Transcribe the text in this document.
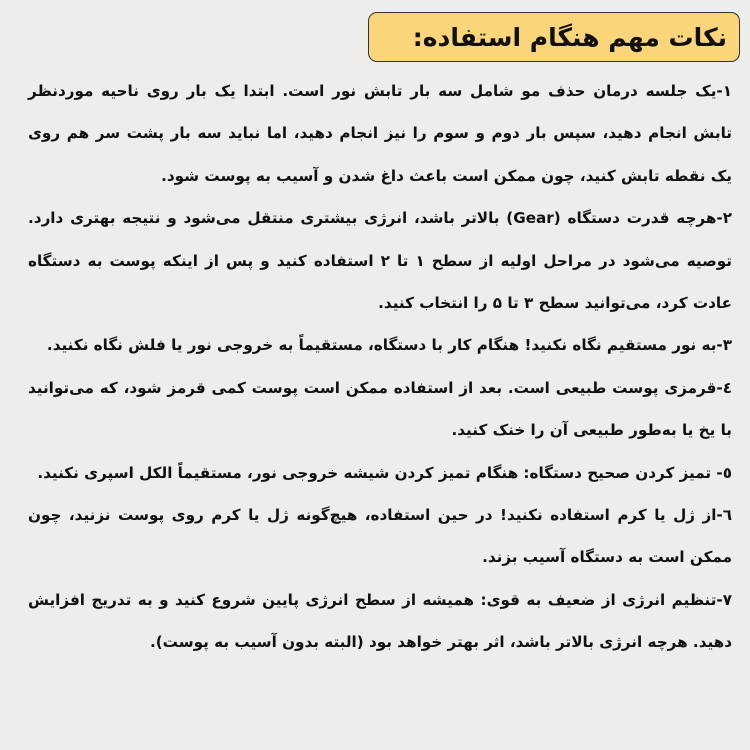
نکات مهم هنگام استفاده:

۱-یک جلسه درمان حذف مو شامل سه بار تابش نور است. ابتدا یک بار روی ناحیه موردنظر تابش انجام دهید، سپس بار دوم و سوم را نیز انجام دهید، اما نباید سه بار پشت سر هم روی یک نقطه تابش کنید، چون ممکن است باعث داغ شدن و آسیب به پوست شود.

۲-هرچه قدرت دستگاه (Gear) بالاتر باشد، انرژی بیشتری منتقل می‌شود و نتیجه بهتری دارد. توصیه می‌شود در مراحل اولیه از سطح ۱ تا ۲ استفاده کنید و پس از اینکه پوست به دستگاه عادت کرد، می‌توانید سطح ۳ تا ۵ را انتخاب کنید.

۳-به نور مستقیم نگاه نکنید! هنگام کار با دستگاه، مستقیماً به خروجی نور یا فلش نگاه نکنید.

٤-قرمزی پوست طبیعی است. بعد از استفاده ممکن است پوست کمی قرمز شود، که می‌توانید با یخ یا به‌طور طبیعی آن را خنک کنید.

٥- تمیز کردن صحیح دستگاه: هنگام تمیز کردن شیشه خروجی نور، مستقیماً الکل اسپری نکنید.

٦-از ژل یا کرم استفاده نکنید! در حین استفاده، هیچ‌گونه ژل یا کرم روی پوست نزنید، چون ممکن است به دستگاه آسیب بزند.

۷-تنظیم انرژی از ضعیف به قوی: همیشه از سطح انرژی پایین شروع کنید و به تدریج افزایش دهید. هرچه انرژی بالاتر باشد، اثر بهتر خواهد بود (البته بدون آسیب به پوست).
